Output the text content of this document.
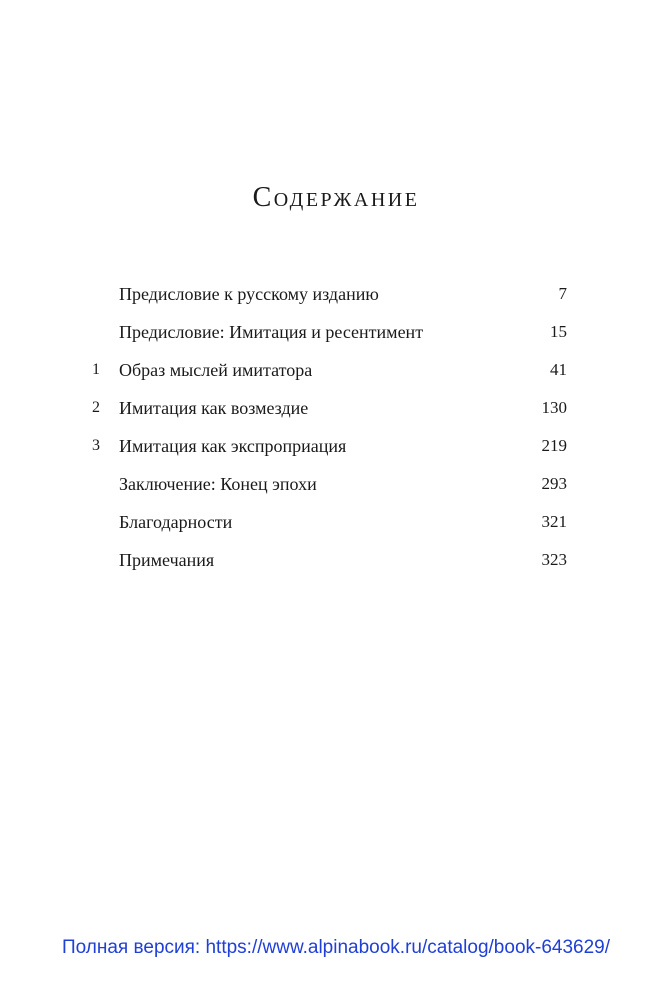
Содержание
Предисловие к русскому изданию	7
Предисловие: Имитация и ресентимент	15
1	Образ мыслей имитатора	41
2	Имитация как возмездие	130
3	Имитация как экспроприация	219
Заключение: Конец эпохи	293
Благодарности	321
Примечания	323
Полная версия: https://www.alpinabook.ru/catalog/book-643629/
